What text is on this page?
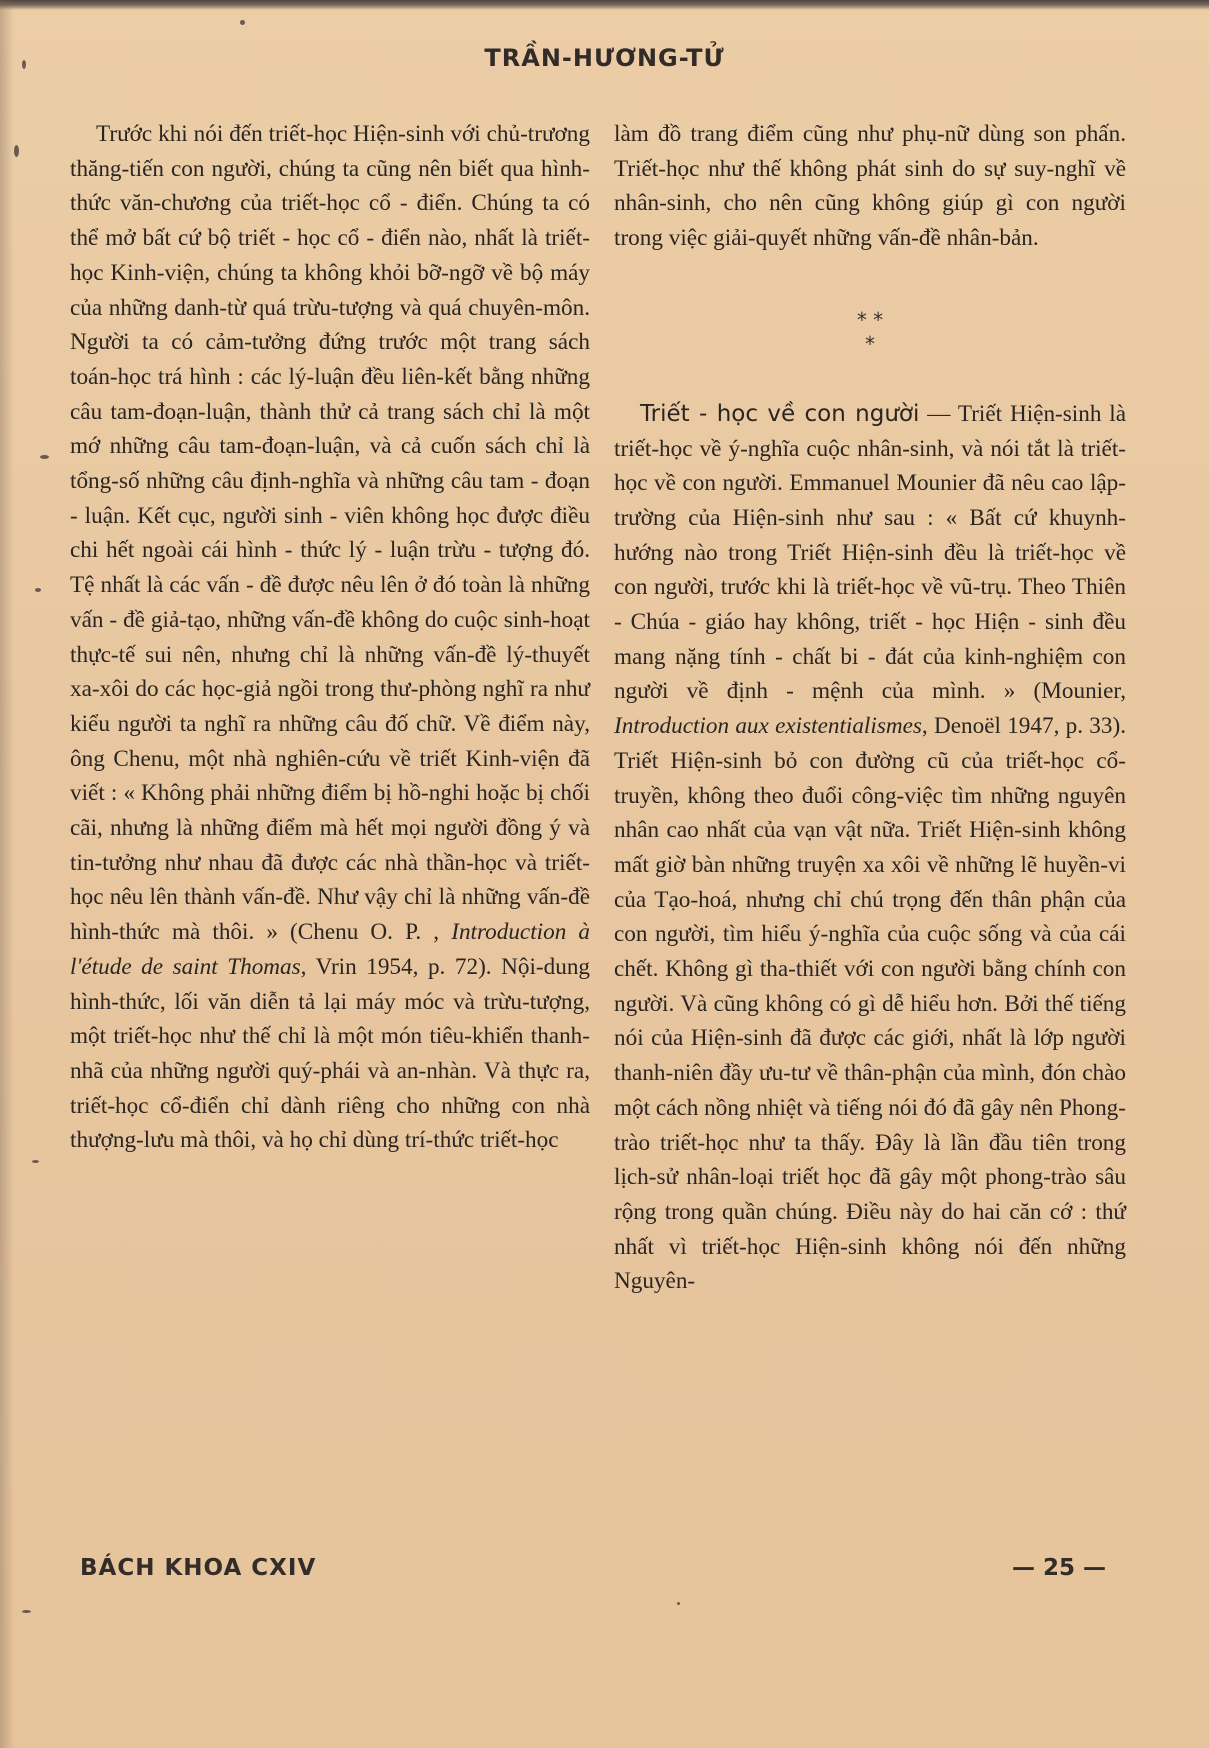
TRẦN-HƯƠNG-TỬ

Trước khi nói đến triết-học Hiện-sinh với chủ-trương thăng-tiến con người, chúng ta cũng nên biết qua hình-thức văn-chương của triết-học cổ - điển. Chúng ta có thể mở bất cứ bộ triết - học cổ - điển nào, nhất là triết-học Kinh-viện, chúng ta không khỏi bỡ-ngỡ về bộ máy của những danh-từ quá trừu-tượng và quá chuyên-môn. Người ta có cảm-tưởng đứng trước một trang sách toán-học trá hình : các lý-luận đều liên-kết bằng những câu tam-đoạn-luận, thành thử cả trang sách chỉ là một mớ những câu tam-đoạn-luận, và cả cuốn sách chỉ là tổng-số những câu định-nghĩa và những câu tam - đoạn - luận. Kết cục, người sinh - viên không học được điều chi hết ngoài cái hình - thức lý - luận trừu - tượng đó. Tệ nhất là các vấn - đề được nêu lên ở đó toàn là những vấn - đề giả-tạo, những vấn-đề không do cuộc sinh-hoạt thực-tế sui nên, nhưng chỉ là những vấn-đề lý-thuyết xa-xôi do các học-giả ngồi trong thư-phòng nghĩ ra như kiểu người ta nghĩ ra những câu đố chữ. Về điểm này, ông Chenu, một nhà nghiên-cứu về triết Kinh-viện đã viết : « Không phải những điểm bị hồ-nghi hoặc bị chối cãi, nhưng là những điểm mà hết mọi người đồng ý và tin-tưởng như nhau đã được các nhà thần-học và triết-học nêu lên thành vấn-đề. Như vậy chỉ là những vấn-đề hình-thức mà thôi. » (Chenu O. P. , Introduction à l'étude de saint Thomas, Vrin 1954, p. 72). Nội-dung hình-thức, lối văn diễn tả lại máy móc và trừu-tượng, một triết-học như thế chỉ là một món tiêu-khiển thanh-nhã của những người quý-phái và an-nhàn. Và thực ra, triết-học cổ-điển chỉ dành riêng cho những con nhà thượng-lưu mà thôi, và họ chỉ dùng trí-thức triết-học

làm đồ trang điểm cũng như phụ-nữ dùng son phấn. Triết-học như thế không phát sinh do sự suy-nghĩ về nhân-sinh, cho nên cũng không giúp gì con người trong việc giải-quyết những vấn-đề nhân-bản.

* *
*

Triết - học về con người — Triết Hiện-sinh là triết-học về ý-nghĩa cuộc nhân-sinh, và nói tắt là triết-học về con người. Emmanuel Mounier đã nêu cao lập-trường của Hiện-sinh như sau : « Bất cứ khuynh-hướng nào trong Triết Hiện-sinh đều là triết-học về con người, trước khi là triết-học về vũ-trụ. Theo Thiên - Chúa - giáo hay không, triết - học Hiện - sinh đều mang nặng tính - chất bi - đát của kinh-nghiệm con người về định - mệnh của mình. » (Mounier, Introduction aux existentialismes, Denoël 1947, p. 33). Triết Hiện-sinh bỏ con đường cũ của triết-học cổ-truyền, không theo đuổi công-việc tìm những nguyên nhân cao nhất của vạn vật nữa. Triết Hiện-sinh không mất giờ bàn những truyện xa xôi về những lẽ huyền-vi của Tạo-hoá, nhưng chỉ chú trọng đến thân phận của con người, tìm hiểu ý-nghĩa của cuộc sống và của cái chết. Không gì tha-thiết với con người bằng chính con người. Và cũng không có gì dễ hiểu hơn. Bởi thế tiếng nói của Hiện-sinh đã được các giới, nhất là lớp người thanh-niên đầy ưu-tư về thân-phận của mình, đón chào một cách nồng nhiệt và tiếng nói đó đã gây nên Phong-trào triết-học như ta thấy. Đây là lần đầu tiên trong lịch-sử nhân-loại triết học đã gây một phong-trào sâu rộng trong quần chúng. Điều này do hai căn cớ : thứ nhất vì triết-học Hiện-sinh không nói đến những Nguyên-

BÁCH KHOA CXIV	— 25 —
